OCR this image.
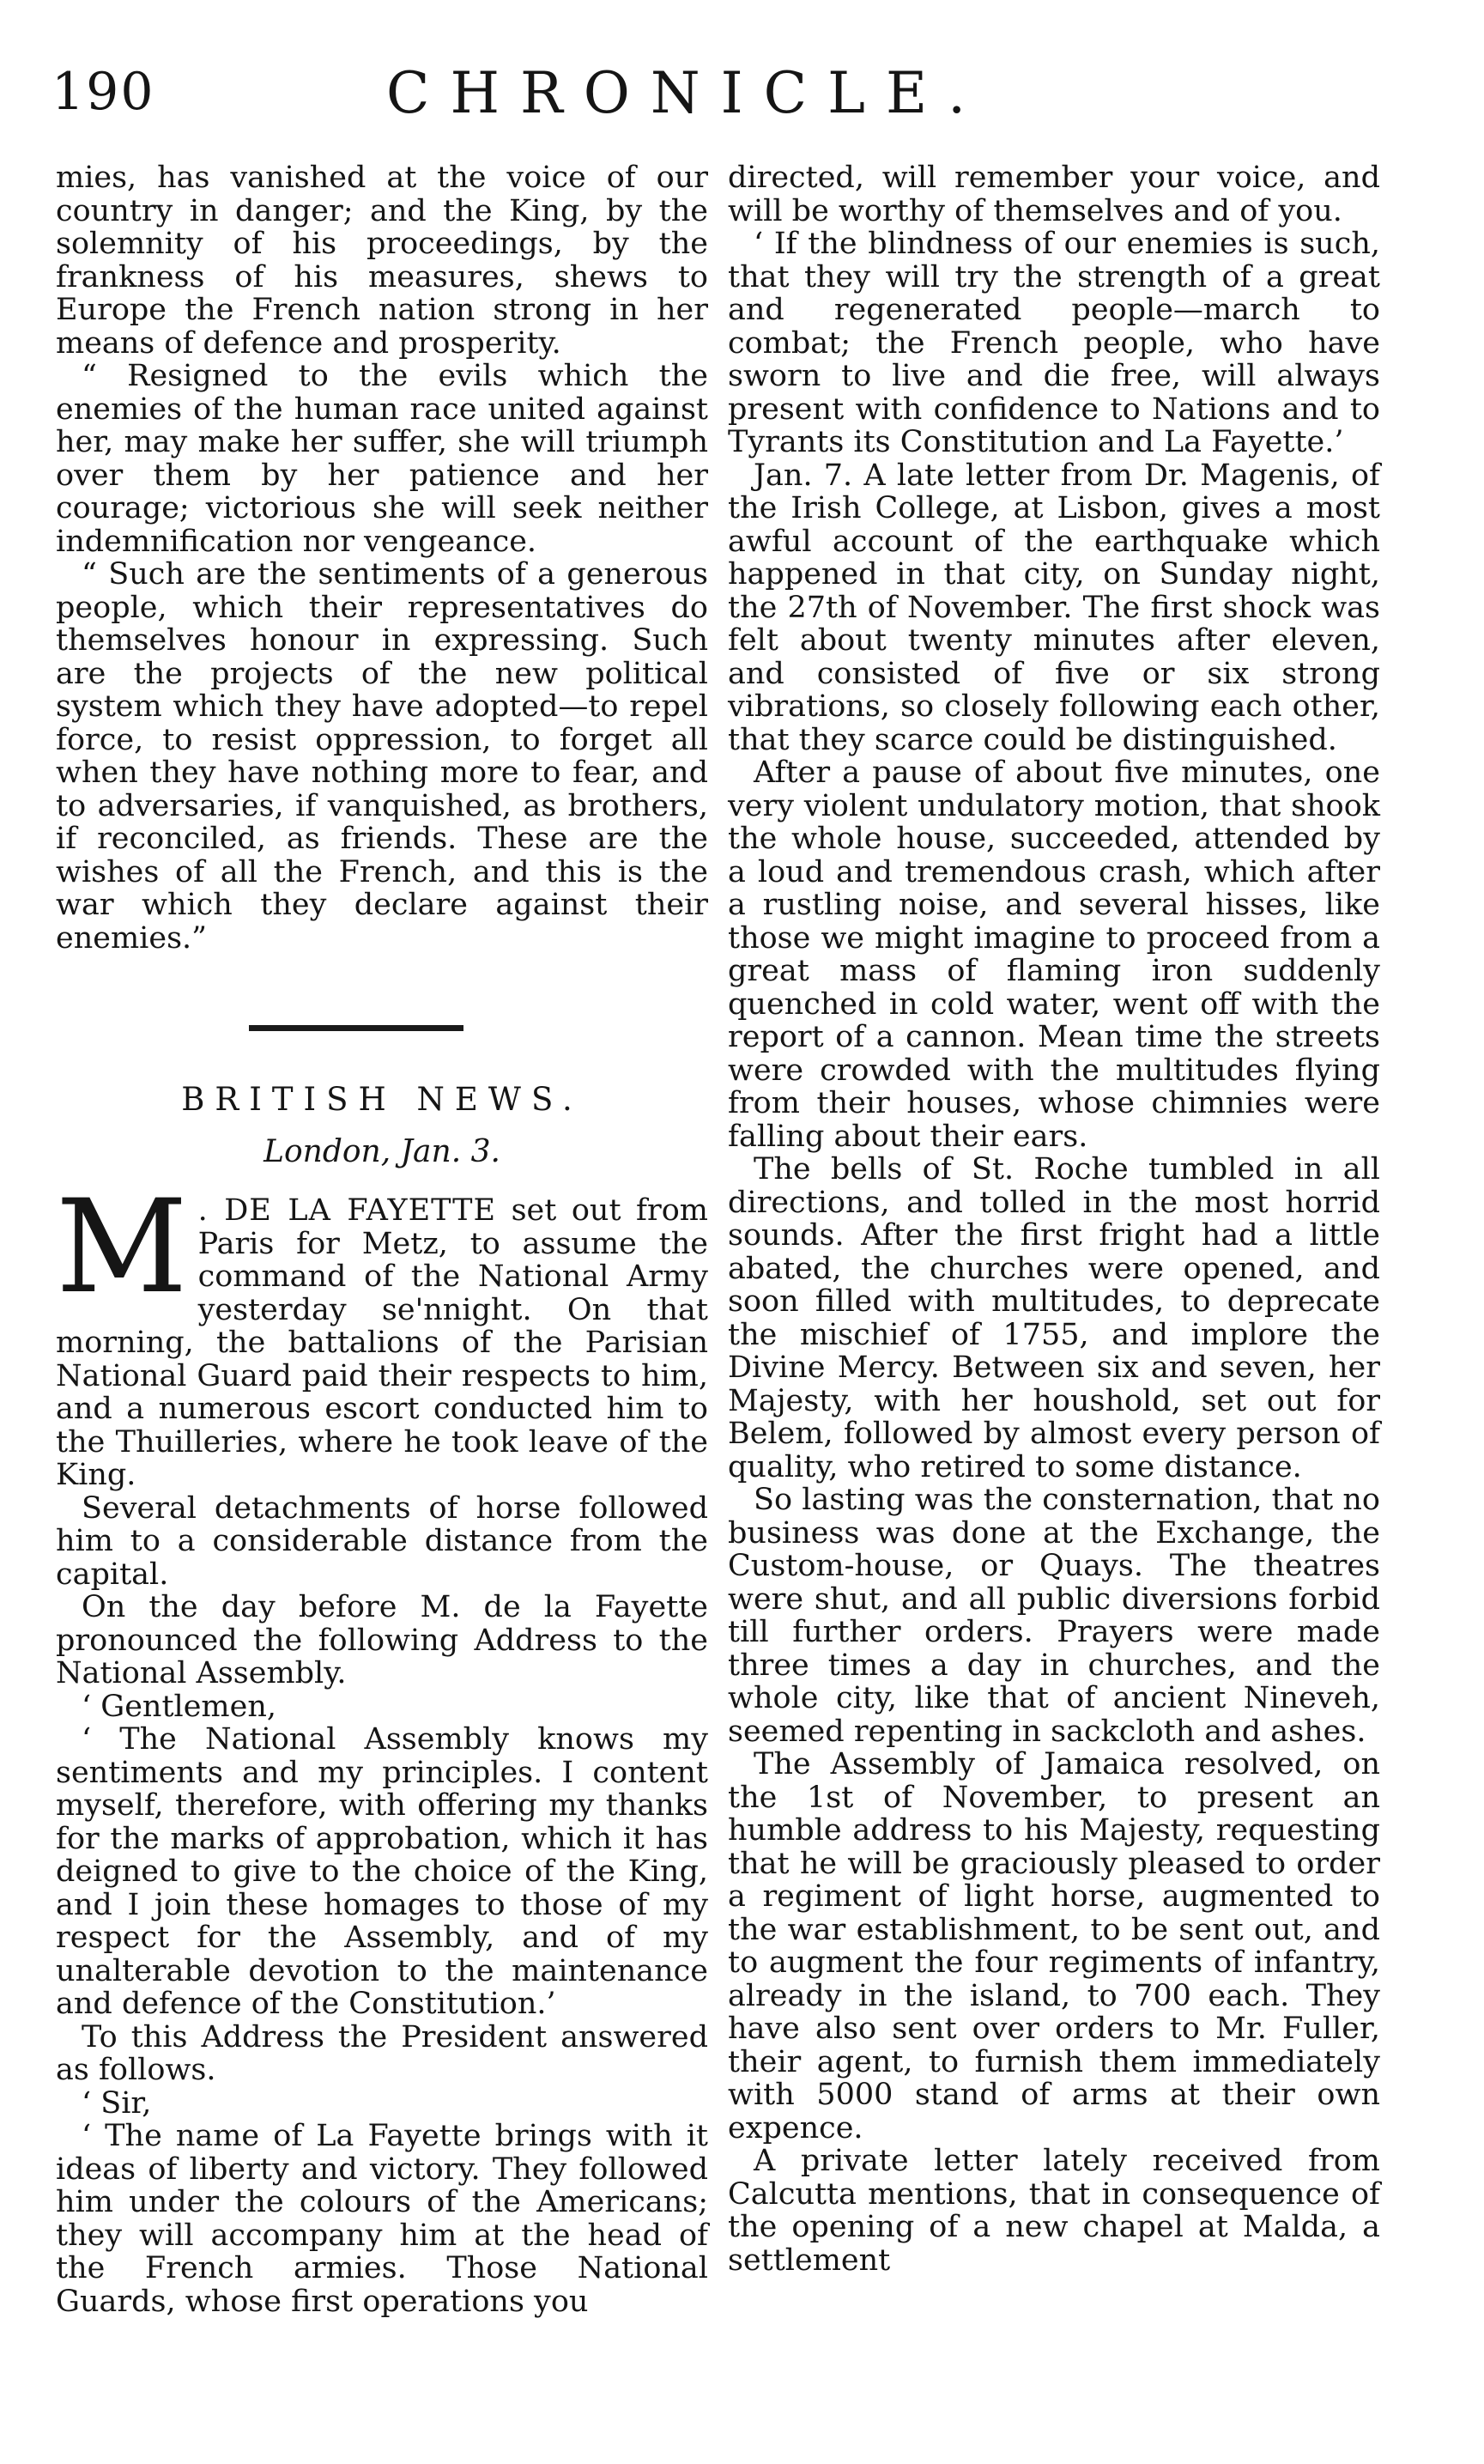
190	CHRONICLE.

mies, has vanished at the voice of our country in danger; and the King, by the solemnity of his proceedings, by the frankness of his measures, shews to Europe the French nation strong in her means of defence and prosperity.

“ Resigned to the evils which the enemies of the human race united against her, may make her suffer, she will triumph over them by her patience and her courage; victorious she will seek neither indemnification nor vengeance.

“ Such are the sentiments of a generous people, which their representatives do themselves honour in expressing. Such are the projects of the new political system which they have adopted—to repel force, to resist oppression, to forget all when they have nothing more to fear, and to adversaries, if vanquished, as brothers, if reconciled, as friends. These are the wishes of all the French, and this is the war which they declare against their enemies.”

BRITISH NEWS.
London, Jan. 3.

M . DE LA FAYETTE set out from Paris for Metz, to assume the command of the National Army yesterday se'nnight. On that morning, the battalions of the Parisian National Guard paid their respects to him, and a numerous escort conducted him to the Thuilleries, where he took leave of the King.

Several detachments of horse followed him to a considerable distance from the capital.

On the day before M. de la Fayette pronounced the following Address to the National Assembly.

‘ Gentlemen,

‘ The National Assembly knows my sentiments and my principles. I content myself, therefore, with offering my thanks for the marks of approbation, which it has deigned to give to the choice of the King, and I join these homages to those of my respect for the Assembly, and of my unalterable devotion to the maintenance and defence of the Constitution.’

To this Address the President answered as follows.

‘ Sir,

‘ The name of La Fayette brings with it ideas of liberty and victory. They followed him under the colours of the Americans; they will accompany him at the head of the French armies. Those National Guards, whose first operations you

directed, will remember your voice, and will be worthy of themselves and of you.

‘ If the blindness of our enemies is such, that they will try the strength of a great and regenerated people—march to combat; the French people, who have sworn to live and die free, will always present with confidence to Nations and to Tyrants its Constitution and La Fayette.’

Jan. 7. A late letter from Dr. Magenis, of the Irish College, at Lisbon, gives a most awful account of the earthquake which happened in that city, on Sunday night, the 27th of November. The first shock was felt about twenty minutes after eleven, and consisted of five or six strong vibrations, so closely following each other, that they scarce could be distinguished.

After a pause of about five minutes, one very violent undulatory motion, that shook the whole house, succeeded, attended by a loud and tremendous crash, which after a rustling noise, and several hisses, like those we might imagine to proceed from a great mass of flaming iron suddenly quenched in cold water, went off with the report of a cannon. Mean time the streets were crowded with the multitudes flying from their houses, whose chimnies were falling about their ears.

The bells of St. Roche tumbled in all directions, and tolled in the most horrid sounds. After the first fright had a little abated, the churches were opened, and soon filled with multitudes, to deprecate the mischief of 1755, and implore the Divine Mercy. Between six and seven, her Majesty, with her houshold, set out for Belem, followed by almost every person of quality, who retired to some distance.

So lasting was the consternation, that no business was done at the Exchange, the Custom-house, or Quays. The theatres were shut, and all public diversions forbid till further orders. Prayers were made three times a day in churches, and the whole city, like that of ancient Nineveh, seemed repenting in sackcloth and ashes.

The Assembly of Jamaica resolved, on the 1st of November, to present an humble address to his Majesty, requesting that he will be graciously pleased to order a regiment of light horse, augmented to the war establishment, to be sent out, and to augment the four regiments of infantry, already in the island, to 700 each. They have also sent over orders to Mr. Fuller, their agent, to furnish them immediately with 5000 stand of arms at their own expence.

A private letter lately received from Calcutta mentions, that in consequence of the opening of a new chapel at Malda, a settlement
